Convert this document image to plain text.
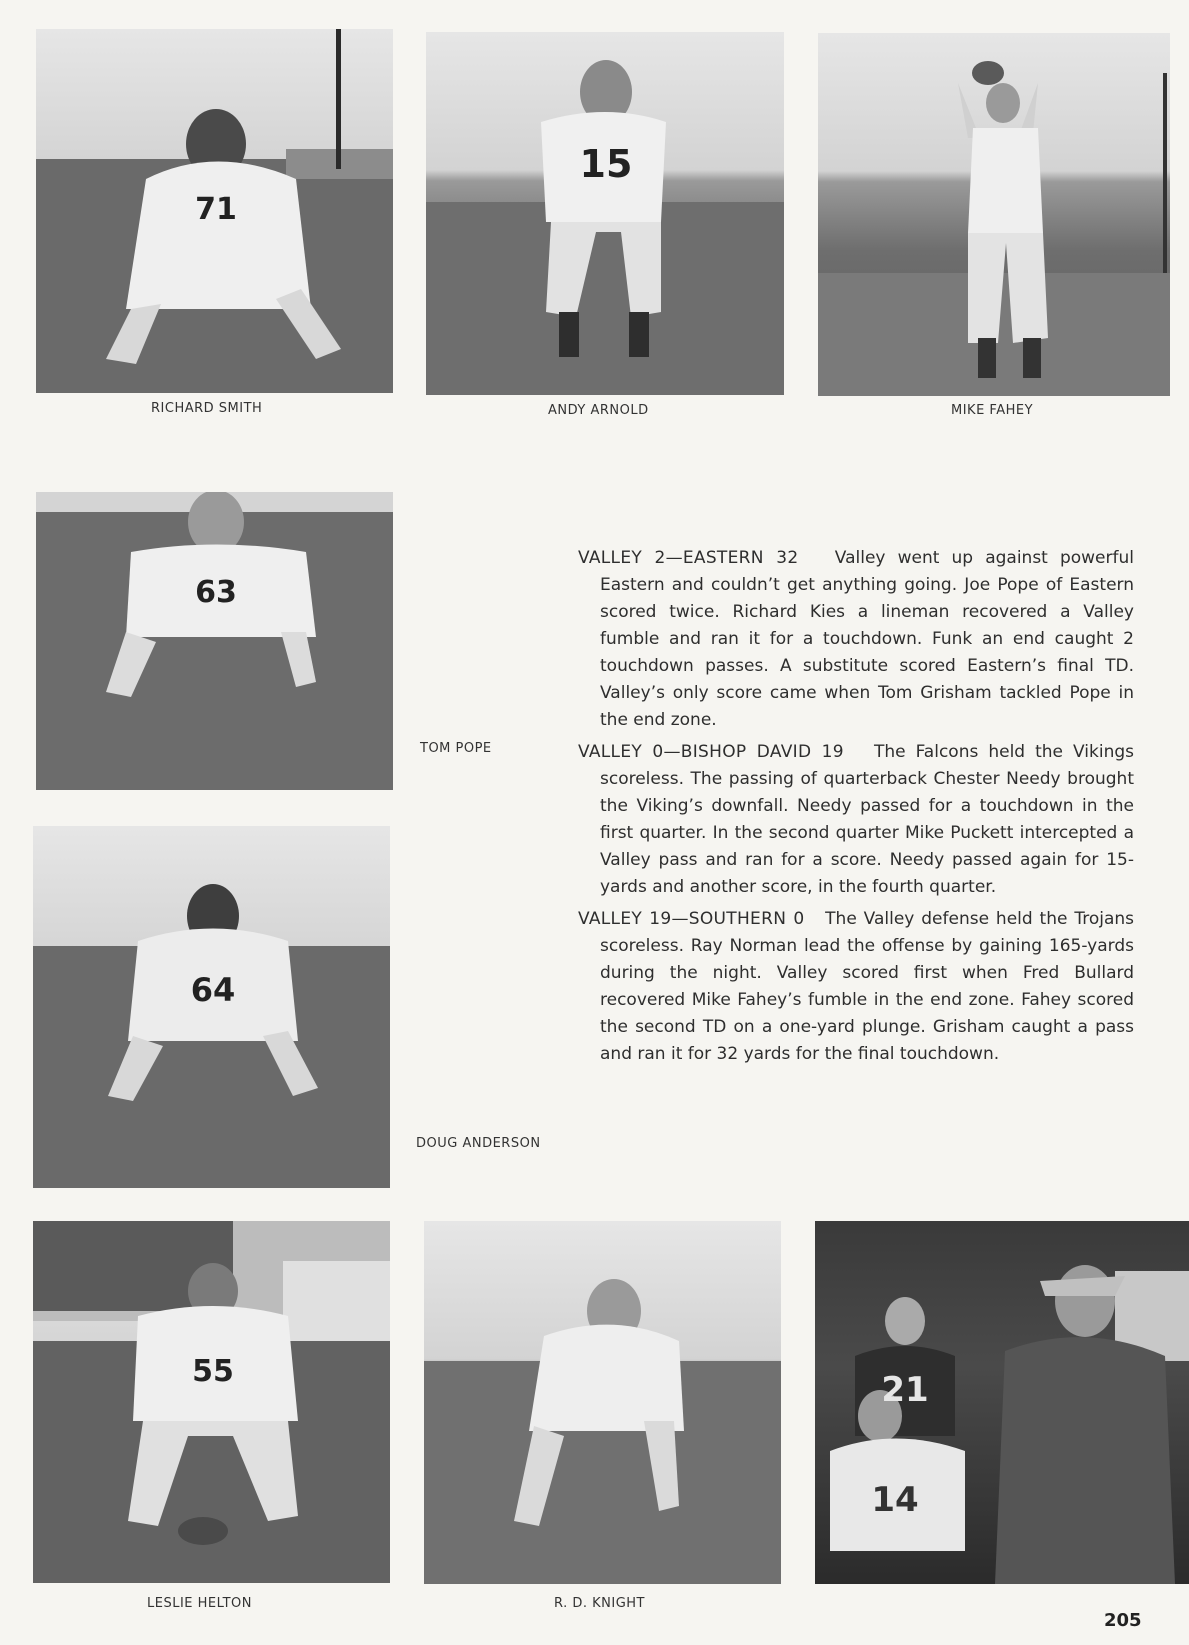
71
15
RICHARD SMITH	ANDY ARNOLD	MIKE FAHEY
63
TOM POPE
64
DOUG ANDERSON

VALLEY 2—EASTERN 32 Valley went up against powerful Eastern and couldn’t get anything going. Joe Pope of Eastern scored twice. Richard Kies a lineman recovered a Valley fumble and ran it for a touchdown. Funk an end caught 2 touchdown passes. A substitute scored Eastern’s final TD. Valley’s only score came when Tom Grisham tackled Pope in the end zone.

VALLEY 0—BISHOP DAVID 19 The Falcons held the Vikings scoreless. The passing of quarterback Chester Needy brought the Viking’s downfall. Needy passed for a touchdown in the first quarter. In the second quarter Mike Puckett intercepted a Valley pass and ran for a score. Needy passed again for 15-yards and another score, in the fourth quarter.

VALLEY 19—SOUTHERN 0 The Valley defense held the Trojans scoreless. Ray Norman lead the offense by gaining 165-yards during the night. Valley scored first when Fred Bullard recovered Mike Fahey’s fumble in the end zone. Fahey scored the second TD on a one-yard plunge. Grisham caught a pass and ran it for 32 yards for the final touchdown.

55	21
14
LESLIE HELTON	R. D. KNIGHT
205
